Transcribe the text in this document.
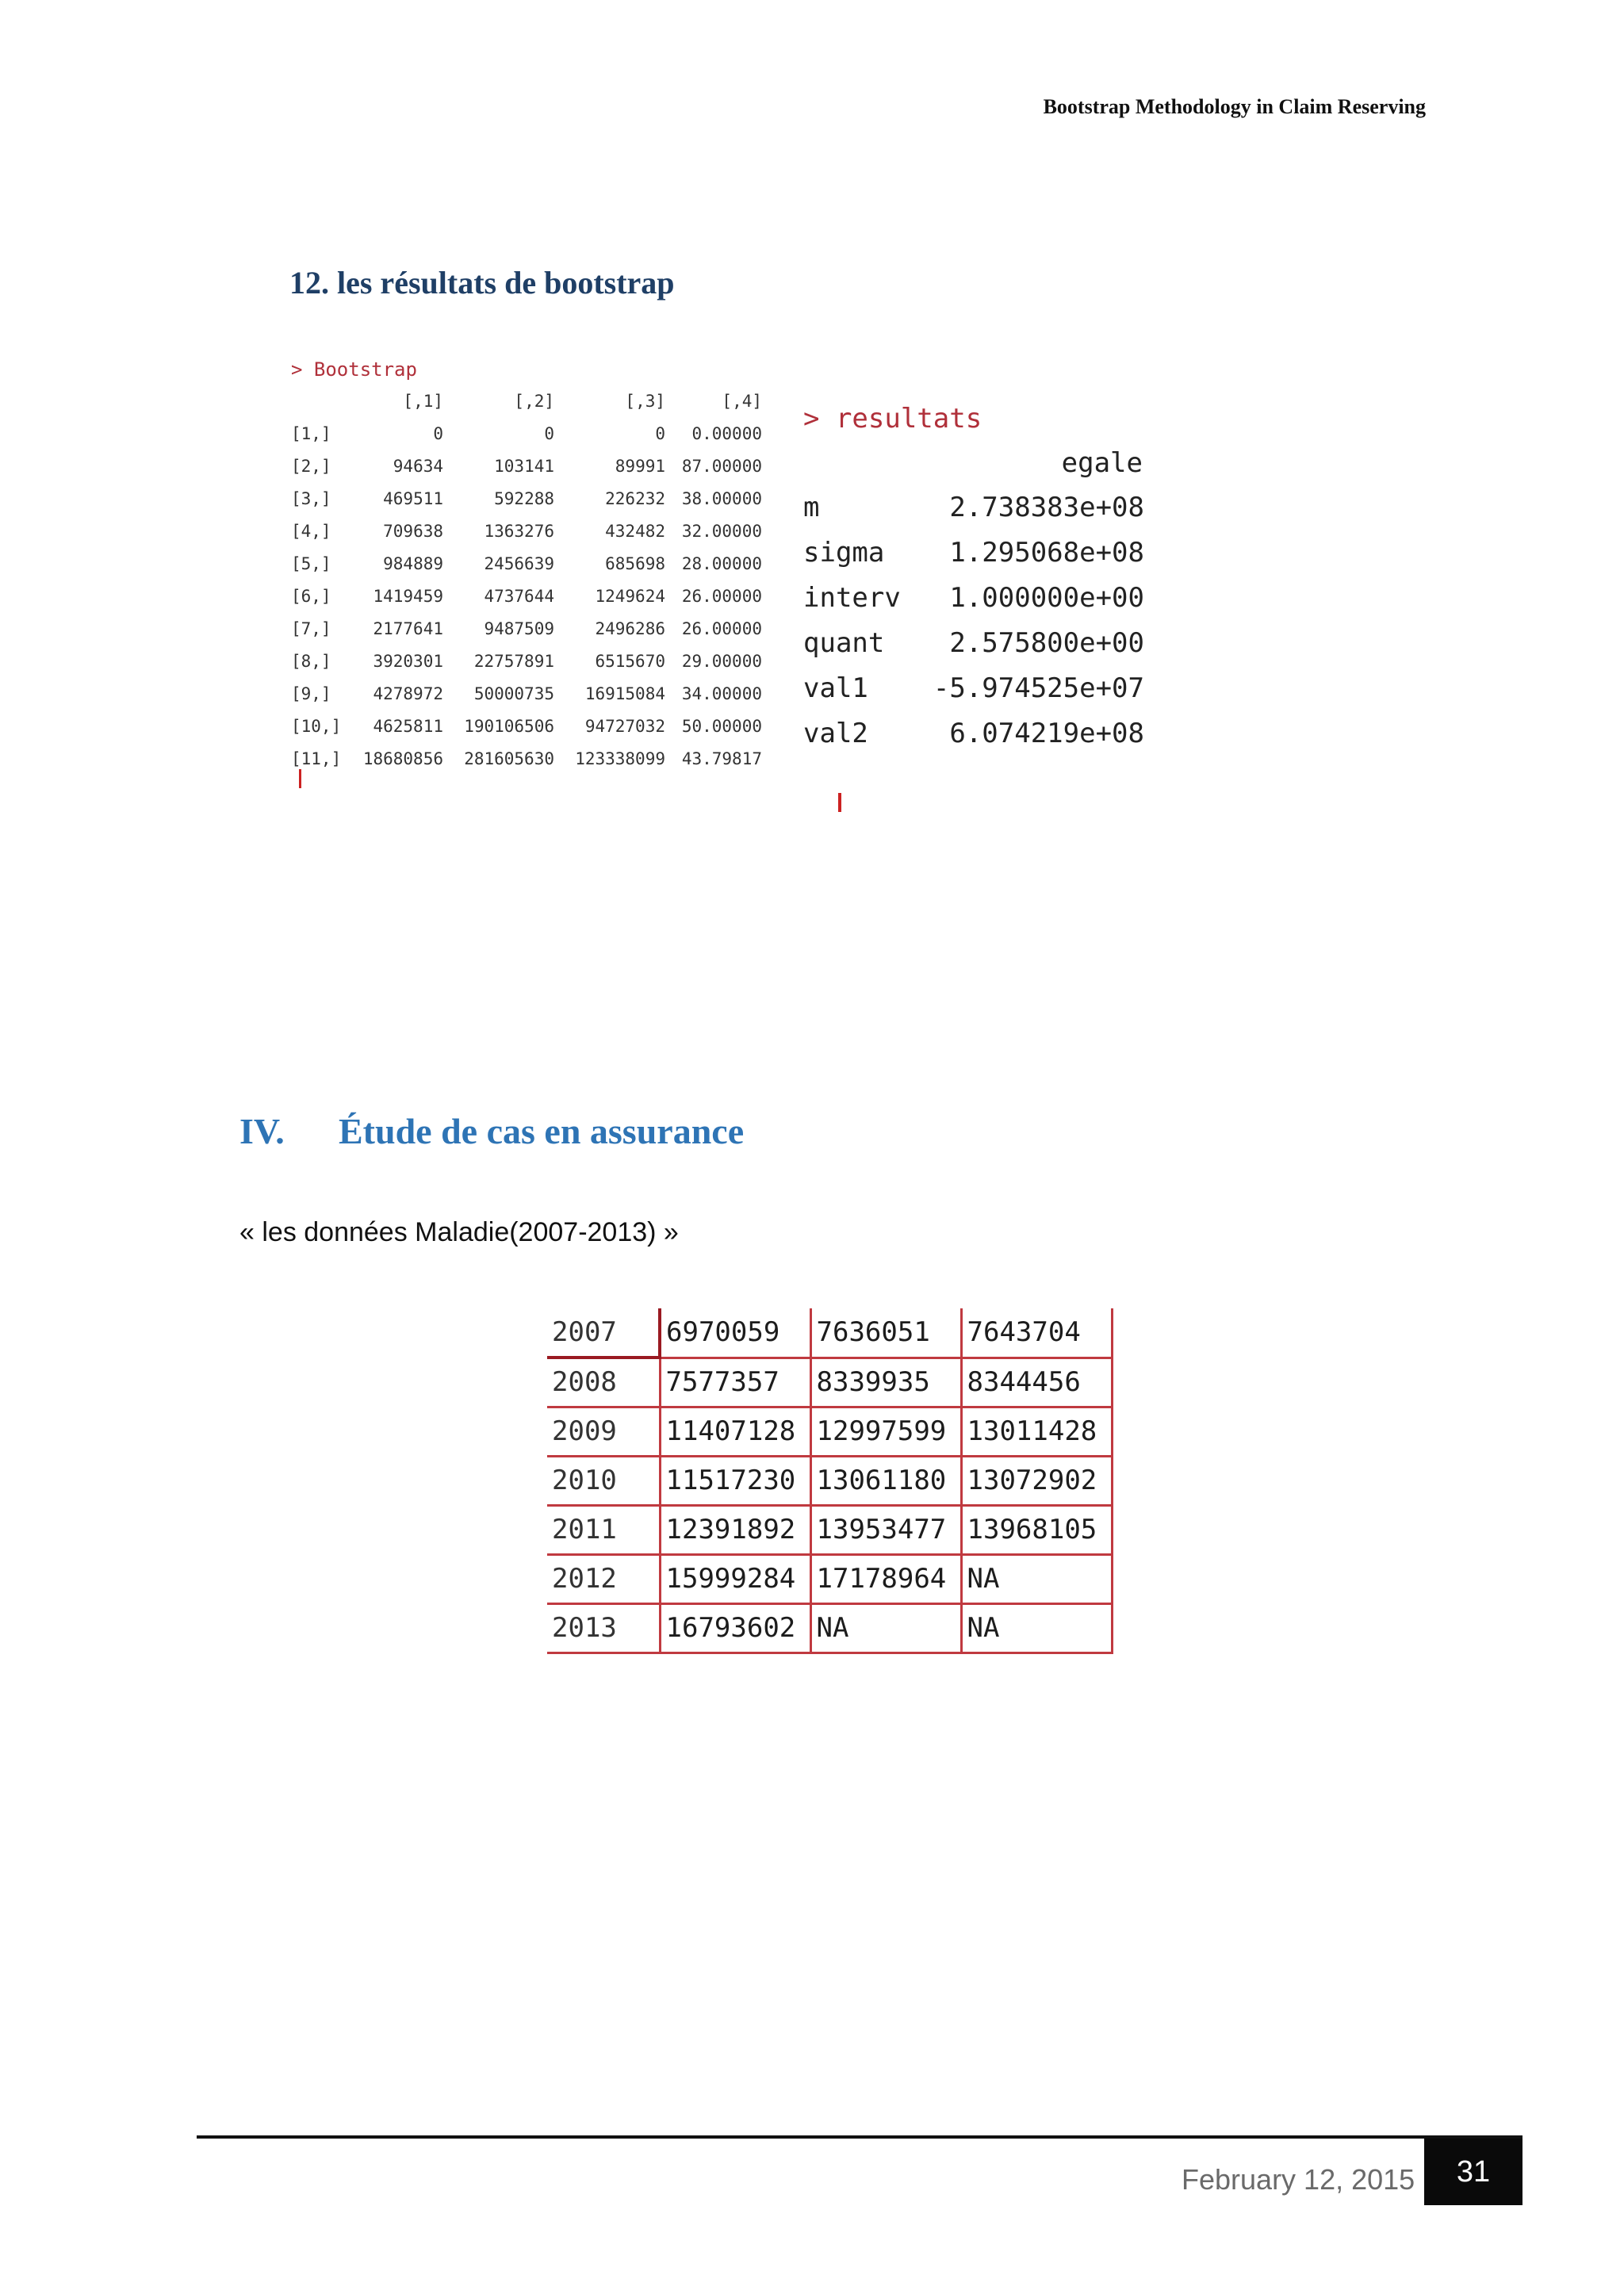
Bootstrap Methodology in Claim Reserving
12. les résultats de bootstrap
> Bootstrap
	[,1]	[,2]	[,3]	[,4]
[1,]	0	0	0	0.00000
[2,]	94634	103141	89991	87.00000
[3,]	469511	592288	226232	38.00000
[4,]	709638	1363276	432482	32.00000
[5,]	984889	2456639	685698	28.00000
[6,]	1419459	4737644	1249624	26.00000
[7,]	2177641	9487509	2496286	26.00000
[8,]	3920301	22757891	6515670	29.00000
[9,]	4278972	50000735	16915084	34.00000
[10,]	4625811	190106506	94727032	50.00000
[11,]	18680856	281605630	123338099	43.79817
> resultats
egale
m	2.738383e+08
sigma 1.295068e+08
interv 1.000000e+00
quant 2.575800e+00
val1 -5.974525e+07
val2	6.074219e+08
IV. Étude de cas en assurance
« les données Maladie(2007-2013) »
2007	6970059	7636051	7643704
2008	7577357	8339935	8344456
2009	11407128	12997599	13011428
2010	11517230	13061180	13072902
2011	12391892	13953477	13968105
2012	15999284	17178964	NA
2013	16793602	NA	NA
February 12, 2015	31
